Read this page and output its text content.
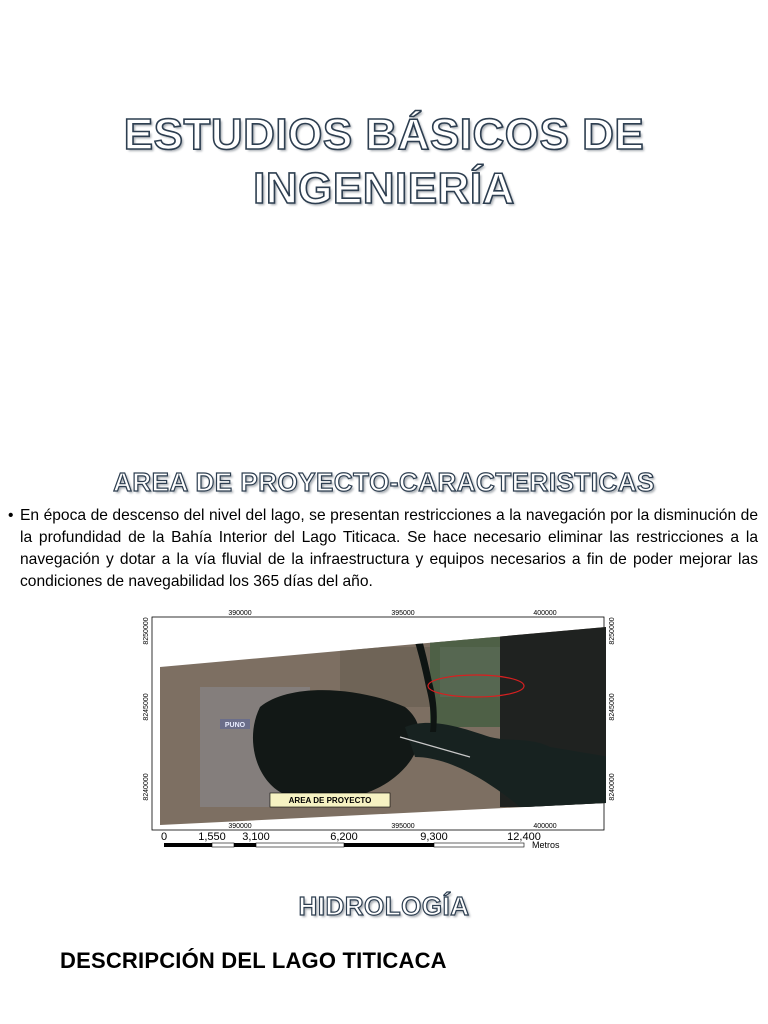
ESTUDIOS BÁSICOS DE
INGENIERÍA
AREA DE PROYECTO-CARACTERISTICAS
• En época de descenso del nivel del lago, se presentan restricciones a la navegación por la disminución de la profundidad de la Bahía Interior del Lago Titicaca. Se hace necesario eliminar las restricciones a la navegación y dotar a la vía fluvial de la infraestructura y equipos necesarios a fin de poder mejorar las condiciones de navegabilidad los 365 días del año.
PUNO
AREA DE PROYECTO
390000	395000	400000
390000	395000	400000
8250000
8245000
8240000
8250000
8245000
8240000
0	1,550 3,100	6,200	9,300	12,400
Metros
HIDROLOGÍA
DESCRIPCIÓN DEL LAGO TITICACA
